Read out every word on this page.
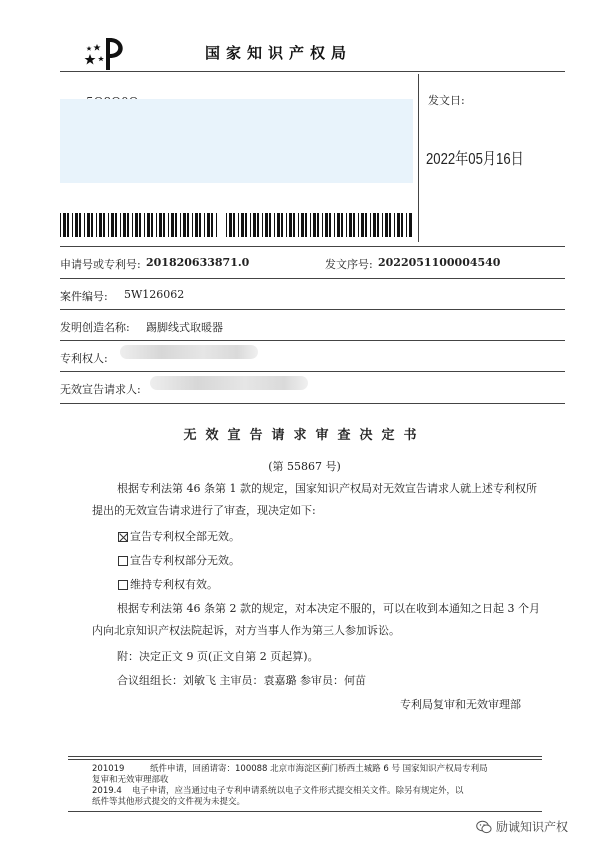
国家知识产权局
发文日:
2022年05月16日
申请号或专利号: 201820633871.0	发文序号: 2022051100004540
案件编号: 5W126062
发明创造名称: 踢脚线式取暖器
专利权人:
无效宣告请求人:
无效宣告请求审查决定书
(第 55867 号)
根据专利法第 46 条第 1 款的规定，国家知识产权局对无效宣告请求人就上述专利权所
提出的无效宣告请求进行了审查，现决定如下:
宣告专利权全部无效。
宣告专利权部分无效。
维持专利权有效。
根据专利法第 46 条第 2 款的规定，对本决定不服的，可以在收到本通知之日起 3 个月
内向北京知识产权法院起诉，对方当事人作为第三人参加诉讼。
附：决定正文 9 页(正文自第 2 页起算)。
合议组组长：刘敏飞 主审员：袁嘉璐 参审员：何苗
专利局复审和无效审理部
201019	纸件申请，回函请寄：100088 北京市海淀区蓟门桥西土城路 6 号 国家知识产权局专利局
复审和无效审理部收
2019.4 电子申请，应当通过电子专利申请系统以电子文件形式提交相关文件。除另有规定外，以
纸件等其他形式提交的文件视为未提交。
励诚知识产权
